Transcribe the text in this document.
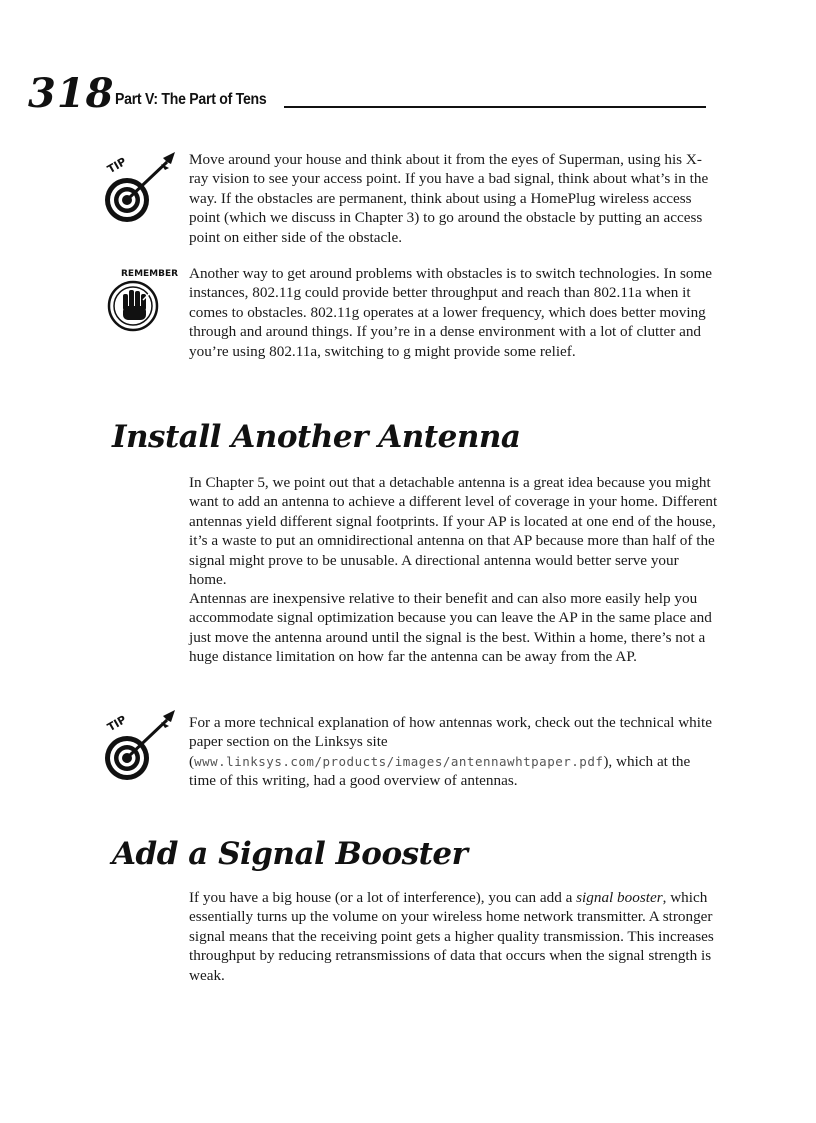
318 Part V: The Part of Tens
TIP	Move around your house and think about it from the eyes of Superman, using his X-ray vision to see your access point. If you have a bad signal, think about what’s in the way. If the obstacles are permanent, think about using a HomePlug wireless access point (which we discuss in Chapter 3) to go around the obstacle by putting an access point on either side of the obstacle.

REMEMBER Another way to get around problems with obstacles is to switch technologies. In some instances, 802.11g could provide better throughput and reach than 802.11a when it comes to obstacles. 802.11g operates at a lower frequency, which does better moving through and around things. If you’re in a dense environment with a lot of clutter and you’re using 802.11a, switching to g might provide some relief.

Install Another Antenna

In Chapter 5, we point out that a detachable antenna is a great idea because you might want to add an antenna to achieve a different level of coverage in your home. Different antennas yield different signal footprints. If your AP is located at one end of the house, it’s a waste to put an omnidirectional antenna on that AP because more than half of the signal might prove to be unusable. A directional antenna would better serve your home.

Antennas are inexpensive relative to their benefit and can also more easily help you accommodate signal optimization because you can leave the AP in the same place and just move the antenna around until the signal is the best. Within a home, there’s not a huge distance limitation on how far the antenna can be away from the AP.

TIP	For a more technical explanation of how antennas work, check out the technical white paper section on the Linksys site (www.linksys.com/products/images/antennawhtpaper.pdf), which at the time of this writing, had a good overview of antennas.

Add a Signal Booster

If you have a big house (or a lot of interference), you can add a signal booster, which essentially turns up the volume on your wireless home network transmitter. A stronger signal means that the receiving point gets a higher quality transmission. This increases throughput by reducing retransmissions of data that occurs when the signal strength is weak.
